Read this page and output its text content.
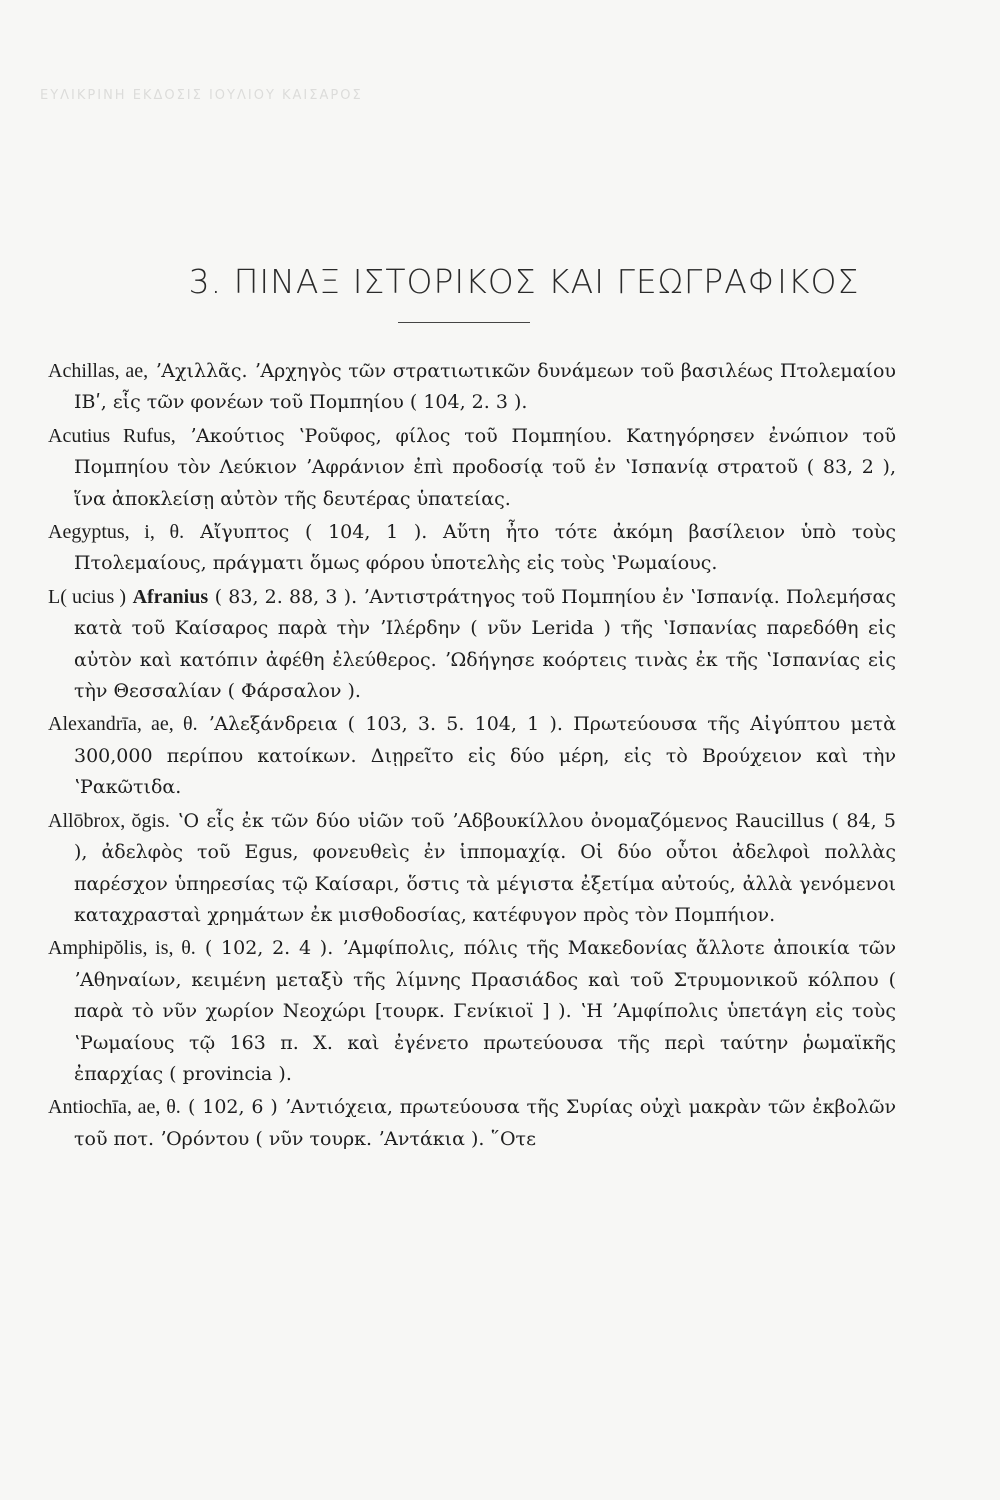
ΕΥΛΙΚΡΙΝΗ ΕΚΔΟΣΙΣ ΙΟΥΛΙΟΥ ΚΑΙΣΑΡΟΣ
3. ΠΙΝΑΞ ΙΣΤΟΡΙΚΟΣ ΚΑΙ ΓΕΩΓΡΑΦΙΚΟΣ

Achillas, ae, ʼΑχιλλᾶς. ʼΑρχηγὸς τῶν στρατιωτικῶν δυνάμεων τοῦ βασιλέως Πτολεμαίου ΙΒʹ, εἷς τῶν φονέων τοῦ Πομπηίου ( 104, 2. 3 ).

Acutius Rufus, ʼΑκούτιος ʽΡοῦφος, φίλος τοῦ Πομπηίου. Κατηγόρησεν ἐνώπιον τοῦ Πομπηίου τὸν Λεύκιον ʼΑφράνιον ἐπὶ προδοσίᾳ τοῦ ἐν ʽΙσπανίᾳ στρατοῦ ( 83, 2 ), ἵνα ἀποκλείσῃ αὐτὸν τῆς δευτέρας ὑπατείας.

Aegyptus, i, θ. Αἴγυπτος ( 104, 1 ). Αὕτη ἦτο τότε ἀκόμη βασίλειον ὑπὸ τοὺς Πτολεμαίους, πράγματι ὅμως φόρου ὑποτελὴς εἰς τοὺς ʽΡωμαίους.

L( ucius ) Afranius ( 83, 2. 88, 3 ). ʼΑντιστράτηγος τοῦ Πομπηίου ἐν ʽΙσπανίᾳ. Πολεμήσας κατὰ τοῦ Καίσαρος παρὰ τὴν ʼΙλέρδην ( νῦν Lerida ) τῆς ʽΙσπανίας παρεδόθη εἰς αὐτὸν καὶ κατόπιν ἀφέθη ἐλεύθερος. ʼΩδήγησε κοόρτεις τινὰς ἐκ τῆς ʽΙσπανίας εἰς τὴν Θεσσαλίαν ( Φάρσαλον ).

Alexandrīa, ae, θ. ʼΑλεξάνδρεια ( 103, 3. 5. 104, 1 ). Πρωτεύουσα τῆς Αἰγύπτου μετὰ 300,000 περίπου κατοίκων. Διῃρεῖτο εἰς δύο μέρη, εἰς τὸ Βρούχειον καὶ τὴν ʽΡακῶτιδα.

Allōbrox, ŏgis. ʽΟ εἷς ἐκ τῶν δύο υἱῶν τοῦ ʼΑδβουκίλλου ὀνομαζόμενος Raucillus ( 84, 5 ), ἀδελφὸς τοῦ Egus, φονευθεὶς ἐν ἱππομαχίᾳ. Οἱ δύο οὗτοι ἀδελφοὶ πολλὰς παρέσχον ὑπηρεσίας τῷ Καίσαρι, ὅστις τὰ μέγιστα ἐξετίμα αὐτούς, ἀλλὰ γενόμενοι καταχρασταὶ χρημάτων ἐκ μισθοδοσίας, κατέφυγον πρὸς τὸν Πομπήιον.

Amphipŏlis, is, θ. ( 102, 2. 4 ). ʼΑμφίπολις, πόλις τῆς Μακεδονίας ἄλλοτε ἀποικία τῶν ʼΑθηναίων, κειμένη μεταξὺ τῆς λίμνης Πρασιάδος καὶ τοῦ Στρυμονικοῦ κόλπου ( παρὰ τὸ νῦν χωρίον Νεοχώρι [τουρκ. Γενίκιοϊ ] ). ʽΗ ʼΑμφίπολις ὑπετάγη εἰς τοὺς ʽΡωμαίους τῷ 163 π. Χ. καὶ ἐγένετο πρωτεύουσα τῆς περὶ ταύτην ῥωμαϊκῆς ἐπαρχίας ( provincia ).

Antiochīa, ae, θ. ( 102, 6 ) ʼΑντιόχεια, πρωτεύουσα τῆς Συρίας οὐχὶ μακρὰν τῶν ἐκβολῶν τοῦ ποτ. ʼΟρόντου ( νῦν τουρκ. ʼΑντάκια ). ῞Οτε
